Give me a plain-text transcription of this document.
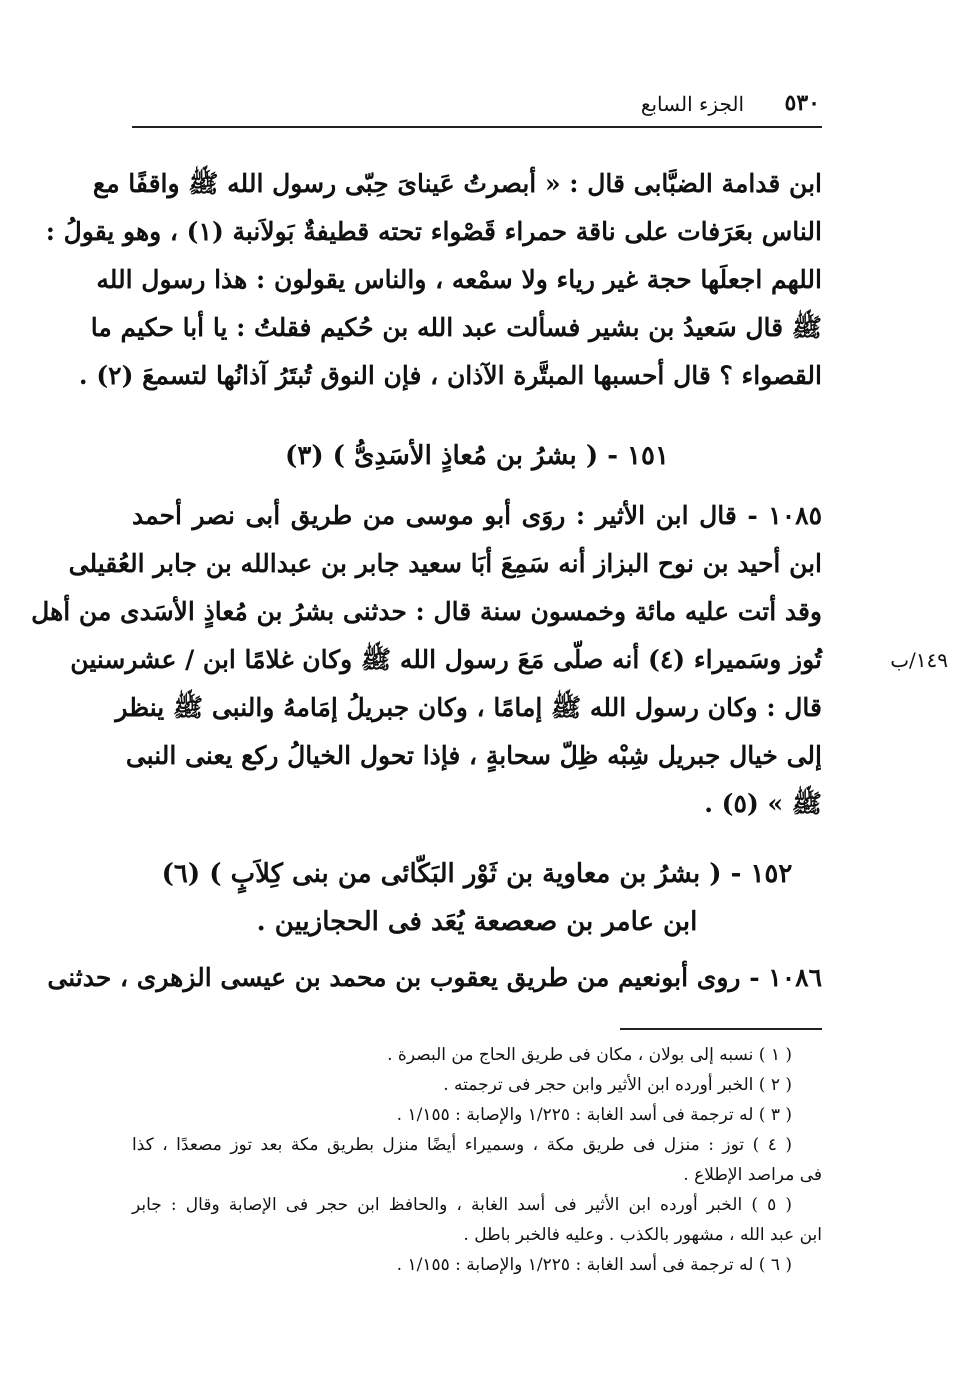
٥٣٠
الجزء السابع
ابن قدامة الضبَّابى قال : « أبصرتُ عَيناىَ حِبّى رسول الله ﷺ واقفًا مع
الناس بعَرَفات على ناقة حمراء قَصْواء تحته قطيفةٌ بَولاَنبة (١) ، وهو يقولُ :
اللهم اجعلَها حجة غير رياء ولا سمْعه ، والناس يقولون : هذا رسول الله
ﷺ قال سَعيدُ بن بشير فسألت عبد الله بن حُكيم فقلتُ : يا أبا حكيم ما
القصواء ؟ قال أحسبها المبتَّرة الآذان ، فإن النوق تُبتَرُ آذانُها لتسمعَ (٢) .
١٥١ - ( بشرُ بن مُعاذٍ الأسَدِىُّ ) (٣)
١٠٨٥ - قال ابن الأثير : روَى أبو موسى من طريق أبى نصر أحمد
ابن أحيد بن نوح البزاز أنه سَمِعَ أبَا سعيد جابر بن عبدالله بن جابر العُقيلى
وقد أتت عليه مائة وخمسون سنة قال : حدثنى بشرُ بن مُعاذٍ الأسَدى من أهل
تُوز وسَميراء (٤) أنه صلّى مَعَ رسول الله ﷺ وكان غلامًا ابن / عشرسنين
قال : وكان رسول الله ﷺ إمامًا ، وكان جبريلُ إمَامهُ والنبى ﷺ ينظر
إلى خيال جبريل شِبْه ظِلّ سحابةٍ ، فإذا تحول الخيالُ ركع يعنى النبى
ﷺ » (٥) .
١٤٩/ب
١٥٢ - ( بشرُ بن معاوية بن ثَوْر البَكّائى من بنى كِلاَبٍ ) (٦)
ابن عامر بن صعصعة يُعَد فى الحجازيين .
١٠٨٦ - روى أبونعيم من طريق يعقوب بن محمد بن عيسى الزهرى ، حدثنى
( ١ ) نسبه إلى بولان ، مكان فى طريق الحاج من البصرة .
( ٢ ) الخبر أورده ابن الأثير وابن حجر فى ترجمته .
( ٣ ) له ترجمة فى أسد الغابة : ١/٢٢٥ والإصابة : ١/١٥٥ .
( ٤ ) توز : منزل فى طريق مكة ، وسميراء أيضًا منزل بطريق مكة بعد توز مصعدًا ، كذا
فى مراصد الإطلاع .
( ٥ ) الخبر أورده ابن الأثير فى أسد الغابة ، والحافظ ابن حجر فى الإصابة وقال : جابر
ابن عبد الله ، مشهور بالكذب . وعليه فالخبر باطل .
( ٦ ) له ترجمة فى أسد الغابة : ١/٢٢٥ والإصابة : ١/١٥٥ .
